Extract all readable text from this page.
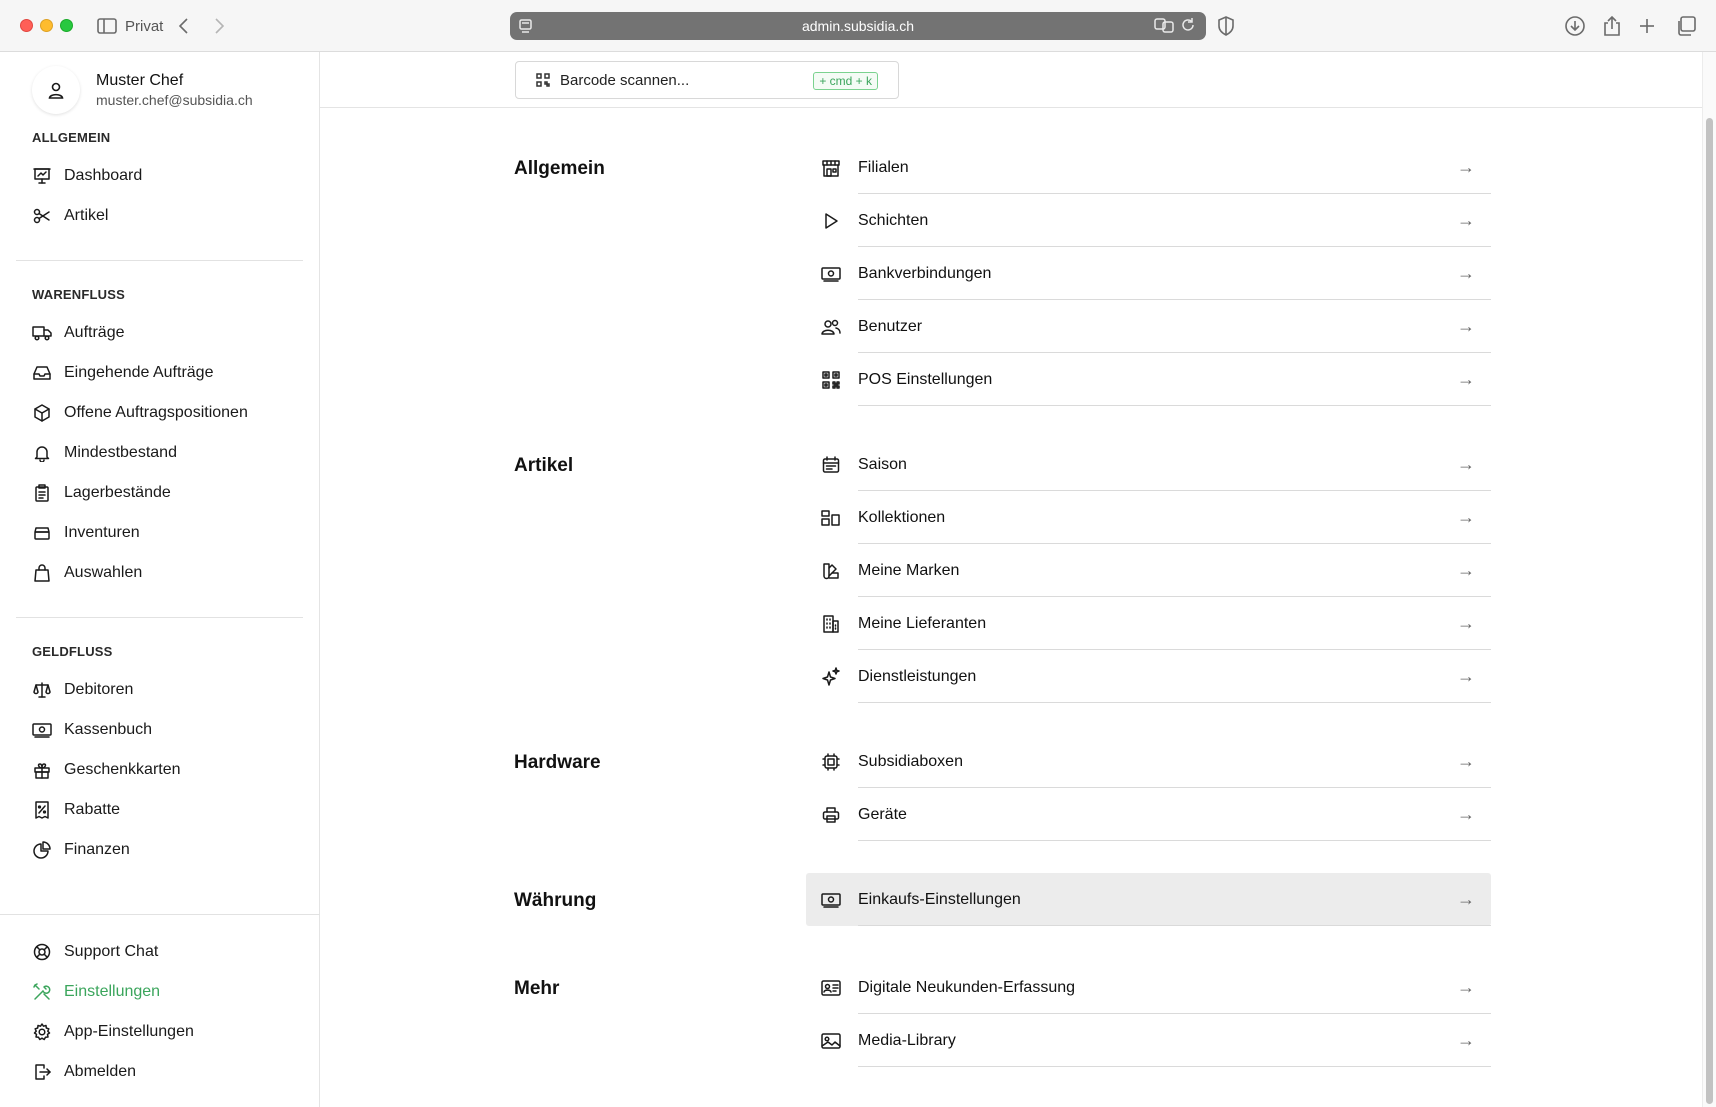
Privat	admin.subsidia.ch
Muster Chef
muster.chef@subsidia.ch
ALLGEMEIN
Dashboard
Artikel
WARENFLUSS
Aufträge
Eingehende Aufträge
Offene Auftragspositionen
Mindestbestand
Lagerbestände
Inventuren
Auswahlen
GELDFLUSS
Debitoren
Kassenbuch
Geschenkkarten
Rabatte
Finanzen
Support Chat
Einstellungen
App-Einstellungen
Abmelden
Barcode scannen...	+ cmd + k
Allgemein	Filialen	→
Schichten	→
Bankverbindungen	→
Benutzer	→
POS Einstellungen	→
Artikel	Saison	→
Kollektionen	→
Meine Marken	→
Meine Lieferanten	→
Dienstleistungen	→
Hardware	Subsidiaboxen	→
Geräte	→
Währung	Einkaufs-Einstellungen	→
Mehr	Digitale Neukunden-Erfassung	→
Media-Library	→
